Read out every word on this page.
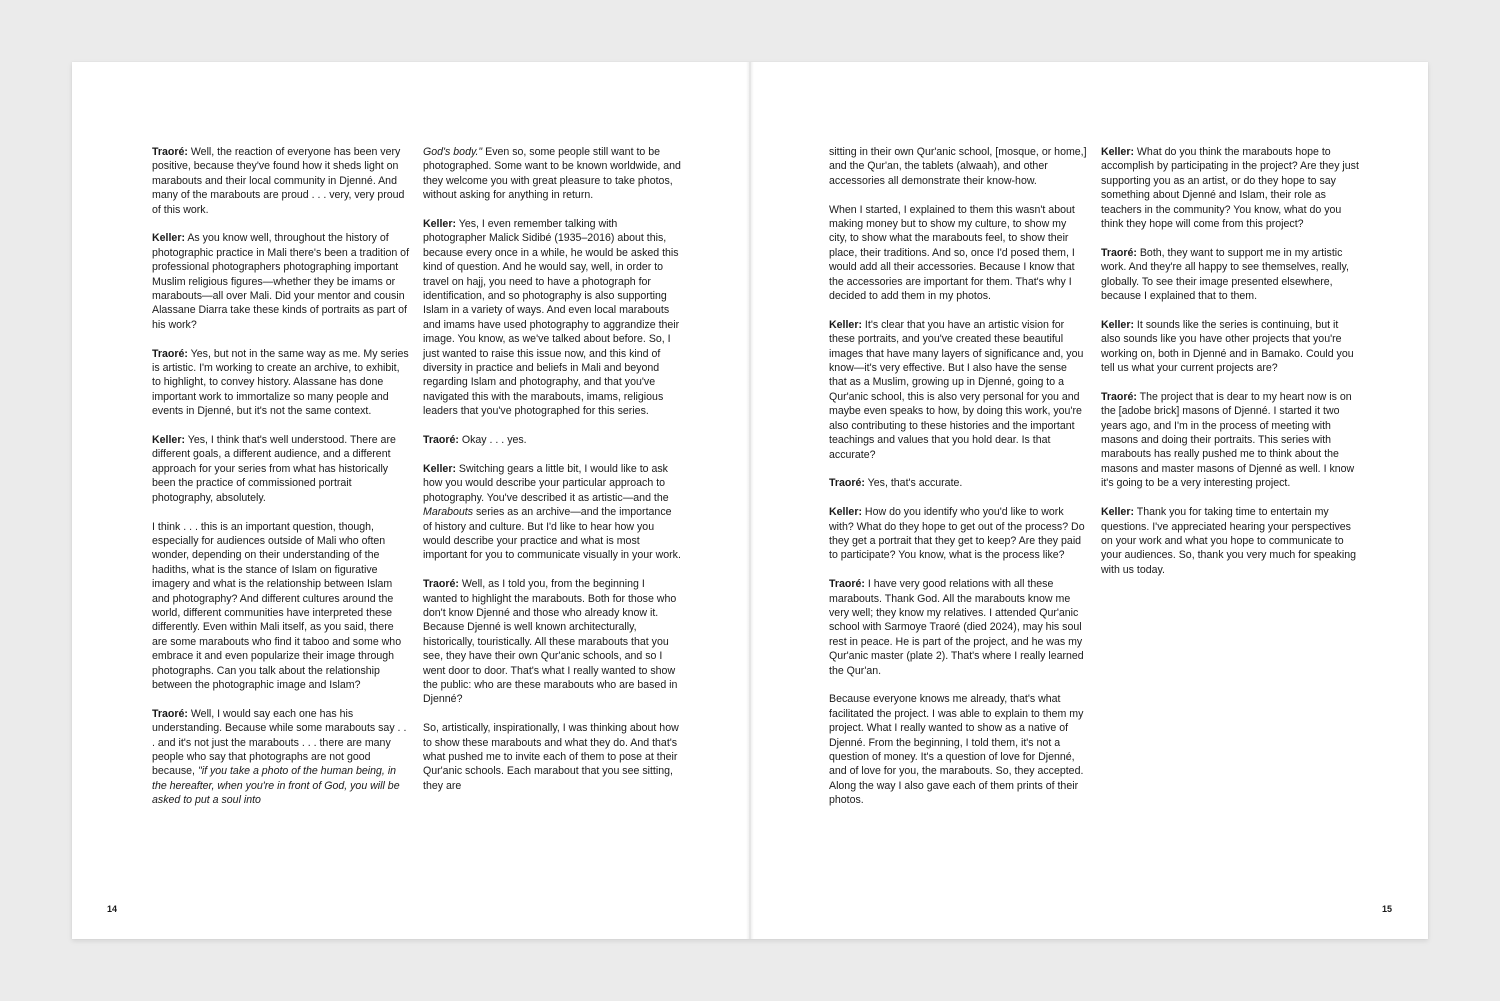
Traoré: Well, the reaction of everyone has been very positive, because they've found how it sheds light on marabouts and their local community in Djenné. And many of the marabouts are proud . . . very, very proud of this work.

Keller: As you know well, throughout the history of photographic practice in Mali there's been a tradition of professional photographers photographing important Muslim religious figures—whether they be imams or marabouts—all over Mali. Did your mentor and cousin Alassane Diarra take these kinds of portraits as part of his work?

Traoré: Yes, but not in the same way as me. My series is artistic. I'm working to create an archive, to exhibit, to highlight, to convey history. Alassane has done important work to immortalize so many people and events in Djenné, but it's not the same context.

Keller: Yes, I think that's well understood. There are different goals, a different audience, and a different approach for your series from what has historically been the practice of commissioned portrait photography, absolutely.

I think . . . this is an important question, though, especially for audiences outside of Mali who often wonder, depending on their understanding of the hadiths, what is the stance of Islam on figurative imagery and what is the relationship between Islam and photography? And different cultures around the world, different communities have interpreted these differently. Even within Mali itself, as you said, there are some marabouts who find it taboo and some who embrace it and even popularize their image through photographs. Can you talk about the relationship between the photographic image and Islam?

Traoré: Well, I would say each one has his understanding. Because while some marabouts say . . . and it's not just the marabouts . . . there are many people who say that photographs are not good because, "if you take a photo of the human being, in the hereafter, when you're in front of God, you will be asked to put a soul into

God's body." Even so, some people still want to be photographed. Some want to be known worldwide, and they welcome you with great pleasure to take photos, without asking for anything in return.

Keller: Yes, I even remember talking with photographer Malick Sidibé (1935–2016) about this, because every once in a while, he would be asked this kind of question. And he would say, well, in order to travel on hajj, you need to have a photograph for identification, and so photography is also supporting Islam in a variety of ways. And even local marabouts and imams have used photography to aggrandize their image. You know, as we've talked about before. So, I just wanted to raise this issue now, and this kind of diversity in practice and beliefs in Mali and beyond regarding Islam and photography, and that you've navigated this with the marabouts, imams, religious leaders that you've photographed for this series.

Traoré: Okay . . . yes.

Keller: Switching gears a little bit, I would like to ask how you would describe your particular approach to photography. You've described it as artistic—and the Marabouts series as an archive—and the importance of history and culture. But I'd like to hear how you would describe your practice and what is most important for you to communicate visually in your work.

Traoré: Well, as I told you, from the beginning I wanted to highlight the marabouts. Both for those who don't know Djenné and those who already know it. Because Djenné is well known architecturally, historically, touristically. All these marabouts that you see, they have their own Qur'anic schools, and so I went door to door. That's what I really wanted to show the public: who are these marabouts who are based in Djenné?

So, artistically, inspirationally, I was thinking about how to show these marabouts and what they do. And that's what pushed me to invite each of them to pose at their Qur'anic schools. Each marabout that you see sitting, they are

14

sitting in their own Qur'anic school, [mosque, or home,] and the Qur'an, the tablets (alwaah), and other accessories all demonstrate their know-how.

When I started, I explained to them this wasn't about making money but to show my culture, to show my city, to show what the marabouts feel, to show their place, their traditions. And so, once I'd posed them, I would add all their accessories. Because I know that the accessories are important for them. That's why I decided to add them in my photos.

Keller: It's clear that you have an artistic vision for these portraits, and you've created these beautiful images that have many layers of significance and, you know—it's very effective. But I also have the sense that as a Muslim, growing up in Djenné, going to a Qur'anic school, this is also very personal for you and maybe even speaks to how, by doing this work, you're also contributing to these histories and the important teachings and values that you hold dear. Is that accurate?

Traoré: Yes, that's accurate.

Keller: How do you identify who you'd like to work with? What do they hope to get out of the process? Do they get a portrait that they get to keep? Are they paid to participate? You know, what is the process like?

Traoré: I have very good relations with all these marabouts. Thank God. All the marabouts know me very well; they know my relatives. I attended Qur'anic school with Sarmoye Traoré (died 2024), may his soul rest in peace. He is part of the project, and he was my Qur'anic master (plate 2). That's where I really learned the Qur'an.

Because everyone knows me already, that's what facilitated the project. I was able to explain to them my project. What I really wanted to show as a native of Djenné. From the beginning, I told them, it's not a question of money. It's a question of love for Djenné, and of love for you, the marabouts. So, they accepted. Along the way I also gave each of them prints of their photos.

Keller: What do you think the marabouts hope to accomplish by participating in the project? Are they just supporting you as an artist, or do they hope to say something about Djenné and Islam, their role as teachers in the community? You know, what do you think they hope will come from this project?

Traoré: Both, they want to support me in my artistic work. And they're all happy to see themselves, really, globally. To see their image presented elsewhere, because I explained that to them.

Keller: It sounds like the series is continuing, but it also sounds like you have other projects that you're working on, both in Djenné and in Bamako. Could you tell us what your current projects are?

Traoré: The project that is dear to my heart now is on the [adobe brick] masons of Djenné. I started it two years ago, and I'm in the process of meeting with masons and doing their portraits. This series with marabouts has really pushed me to think about the masons and master masons of Djenné as well. I know it's going to be a very interesting project.

Keller: Thank you for taking time to entertain my questions. I've appreciated hearing your perspectives on your work and what you hope to communicate to your audiences. So, thank you very much for speaking with us today.

15
